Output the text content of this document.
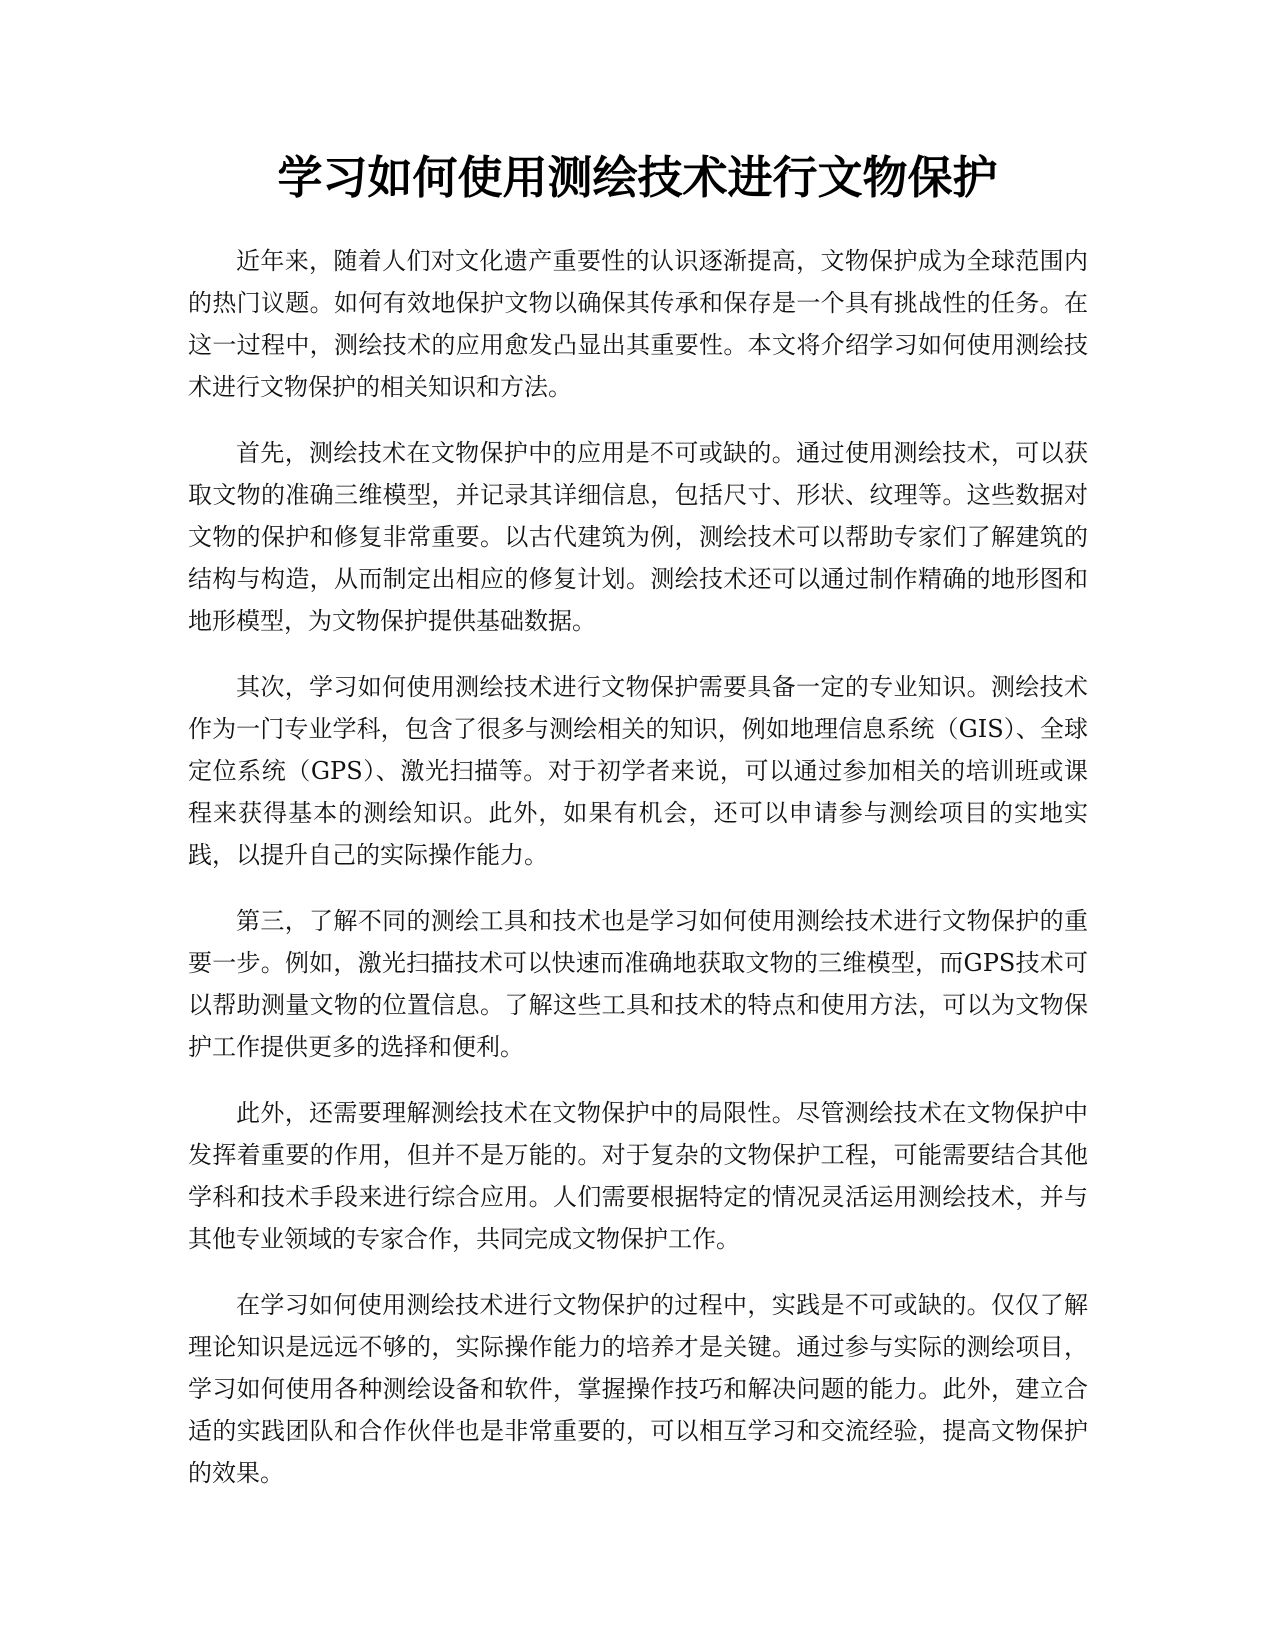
学习如何使用测绘技术进行文物保护

近年来，随着人们对文化遗产重要性的认识逐渐提高，文物保护成为全球范围内的热门议题。如何有效地保护文物以确保其传承和保存是一个具有挑战性的任务。在这一过程中，测绘技术的应用愈发凸显出其重要性。本文将介绍学习如何使用测绘技术进行文物保护的相关知识和方法。

首先，测绘技术在文物保护中的应用是不可或缺的。通过使用测绘技术，可以获取文物的准确三维模型，并记录其详细信息，包括尺寸、形状、纹理等。这些数据对文物的保护和修复非常重要。以古代建筑为例，测绘技术可以帮助专家们了解建筑的结构与构造，从而制定出相应的修复计划。测绘技术还可以通过制作精确的地形图和地形模型，为文物保护提供基础数据。

其次，学习如何使用测绘技术进行文物保护需要具备一定的专业知识。测绘技术作为一门专业学科，包含了很多与测绘相关的知识，例如地理信息系统（GIS）、全球定位系统（GPS）、激光扫描等。对于初学者来说，可以通过参加相关的培训班或课程来获得基本的测绘知识。此外，如果有机会，还可以申请参与测绘项目的实地实践，以提升自己的实际操作能力。

第三，了解不同的测绘工具和技术也是学习如何使用测绘技术进行文物保护的重要一步。例如，激光扫描技术可以快速而准确地获取文物的三维模型，而GPS技术可以帮助测量文物的位置信息。了解这些工具和技术的特点和使用方法，可以为文物保护工作提供更多的选择和便利。

此外，还需要理解测绘技术在文物保护中的局限性。尽管测绘技术在文物保护中发挥着重要的作用，但并不是万能的。对于复杂的文物保护工程，可能需要结合其他学科和技术手段来进行综合应用。人们需要根据特定的情况灵活运用测绘技术，并与其他专业领域的专家合作，共同完成文物保护工作。

在学习如何使用测绘技术进行文物保护的过程中，实践是不可或缺的。仅仅了解理论知识是远远不够的，实际操作能力的培养才是关键。通过参与实际的测绘项目，学习如何使用各种测绘设备和软件，掌握操作技巧和解决问题的能力。此外，建立合适的实践团队和合作伙伴也是非常重要的，可以相互学习和交流经验，提高文物保护的效果。
